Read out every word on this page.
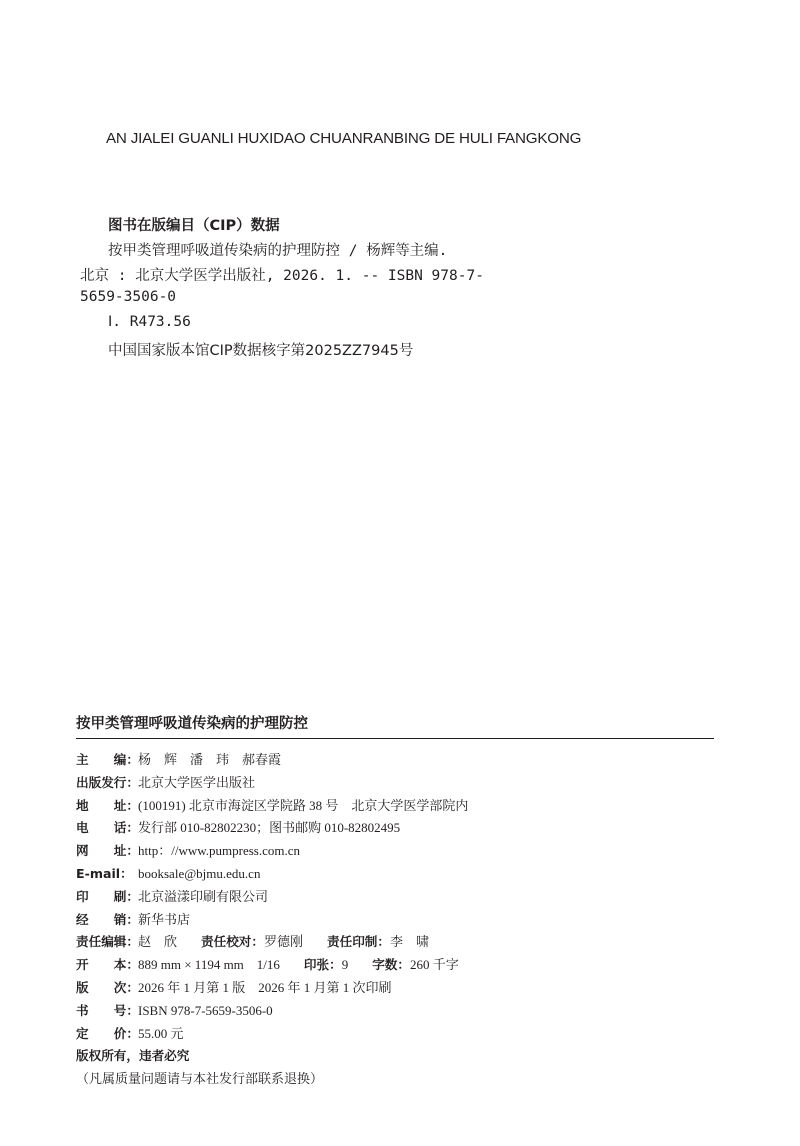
AN JIALEI GUANLI HUXIDAO CHUANRANBING DE HULI FANGKONG
图书在版编目（CIP）数据
按甲类管理呼吸道传染病的护理防控 / 杨辉等主编.
北京 : 北京大学医学出版社, 2026. 1. -- ISBN 978-7-
5659-3506-0
Ⅰ. R473.56
中国国家版本馆CIP数据核字第2025ZZ7945号
按甲类管理呼吸道传染病的护理防控
主　　编：杨　辉　潘　玮　郝春霞
出版发行：北京大学医学出版社
地　　址：(100191) 北京市海淀区学院路 38 号　北京大学医学部院内
电　　话：发行部 010-82802230；图书邮购 010-82802495
网　　址：http：//www.pumpress.com.cn
E-mail： booksale@bjmu.edu.cn
印　　刷：北京溢漾印刷有限公司
经　　销：新华书店
责任编辑：赵　欣 责任校对：罗德刚 责任印制：李　啸
开　　本：889 mm × 1194 mm　1/16 印张：9 字数：260 千字
版　　次：2026 年 1 月第 1 版　2026 年 1 月第 1 次印刷
书　　号：ISBN 978-7-5659-3506-0
定　　价：55.00 元
版权所有，违者必究
（凡属质量问题请与本社发行部联系退换）
